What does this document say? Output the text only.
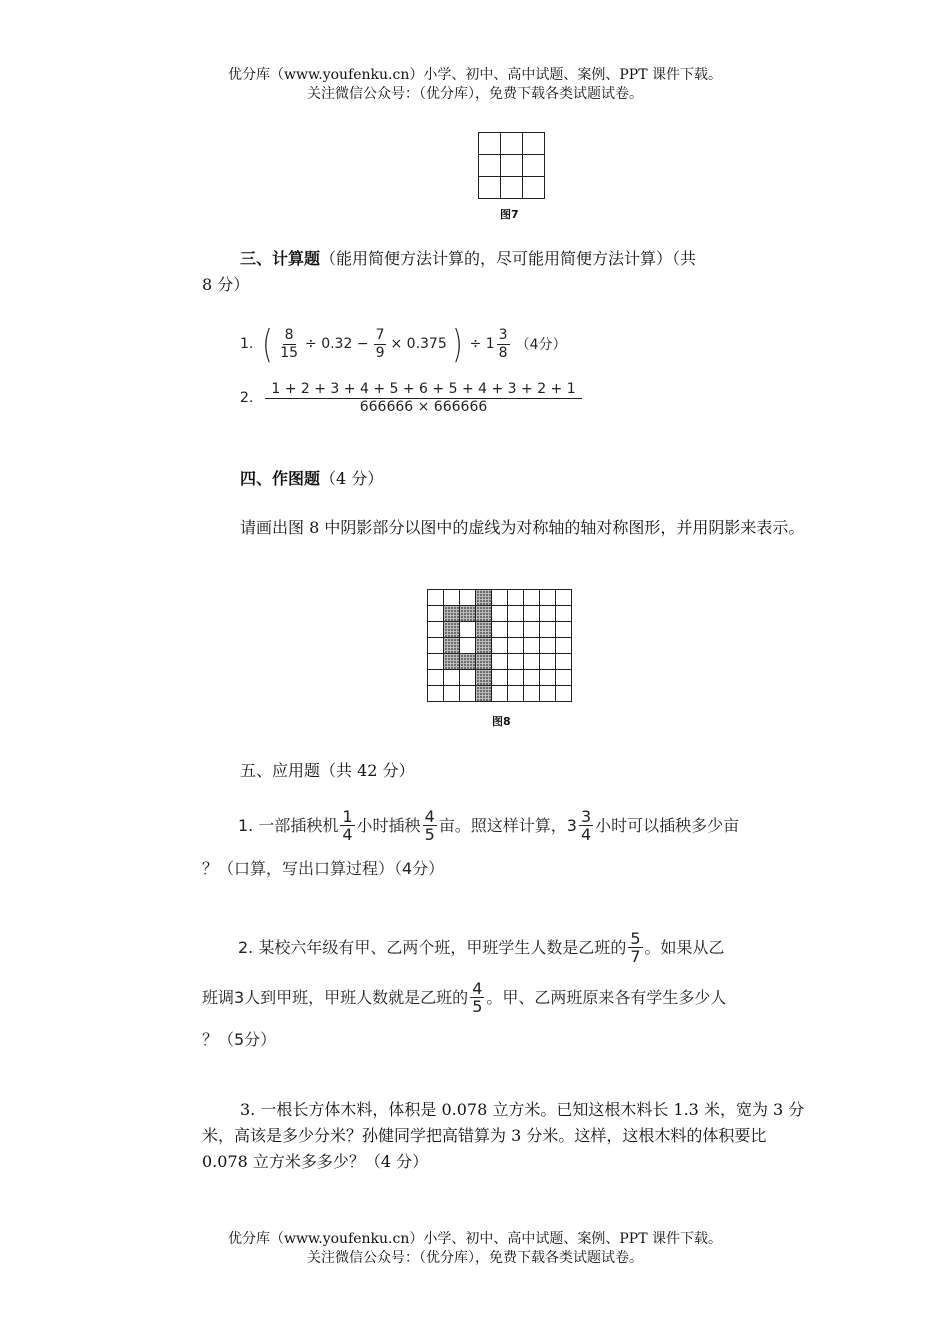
优分库（www.youfenku.cn）小学、初中、高中试题、案例、PPT 课件下载。
关注微信公众号：（优分库），免费下载各类试题试卷。

图7
三、计算题（能用简便方法计算的，尽可能用简便方法计算）（共
8 分）
1. ( $\frac{8}{15} \div 0.32 - \frac{7}{9} \times 0.375$ ) ÷ $1 \frac{3}{8} (4$分）
2. $\frac{1 + 2 + 3 + 4 + 5 + 6 + 5 + 4 + 3 + 2 + 1}{666666 \times 666666}$
四、作图题（4 分）
请画出图 8 中阴影部分以图中的虚线为对称轴的轴对称图形，并用阴影来表示。

图8
五、应用题（共 42 分）
1. 一部插秧机 $\frac{1}{4}$ 小时插秧 $\frac{4}{5}$ 亩。照这样计算，$3 \frac{3}{4}$ 小时可以插秧多少亩
？（口算，写出口算过程）（4分）
2. 某校六年级有甲、乙两个班，甲班学生人数是乙班的 $\frac{5}{7}$ 。如果从乙
班调3人到甲班，甲班人数就是乙班的 $\frac{4}{5}$ 。甲、乙两班原来各有学生多少人
？（5分）
3. 一根长方体木料，体积是 0.078 立方米。已知这根木料长 1.3 米，宽为 3 分米，高该是多少分米？孙健同学把高错算为 3 分米。这样，这根木料的体积要比 0.078 立方米多多少？（4 分）
优分库（www.youfenku.cn）小学、初中、高中试题、案例、PPT 课件下载。
关注微信公众号：（优分库），免费下载各类试题试卷。
